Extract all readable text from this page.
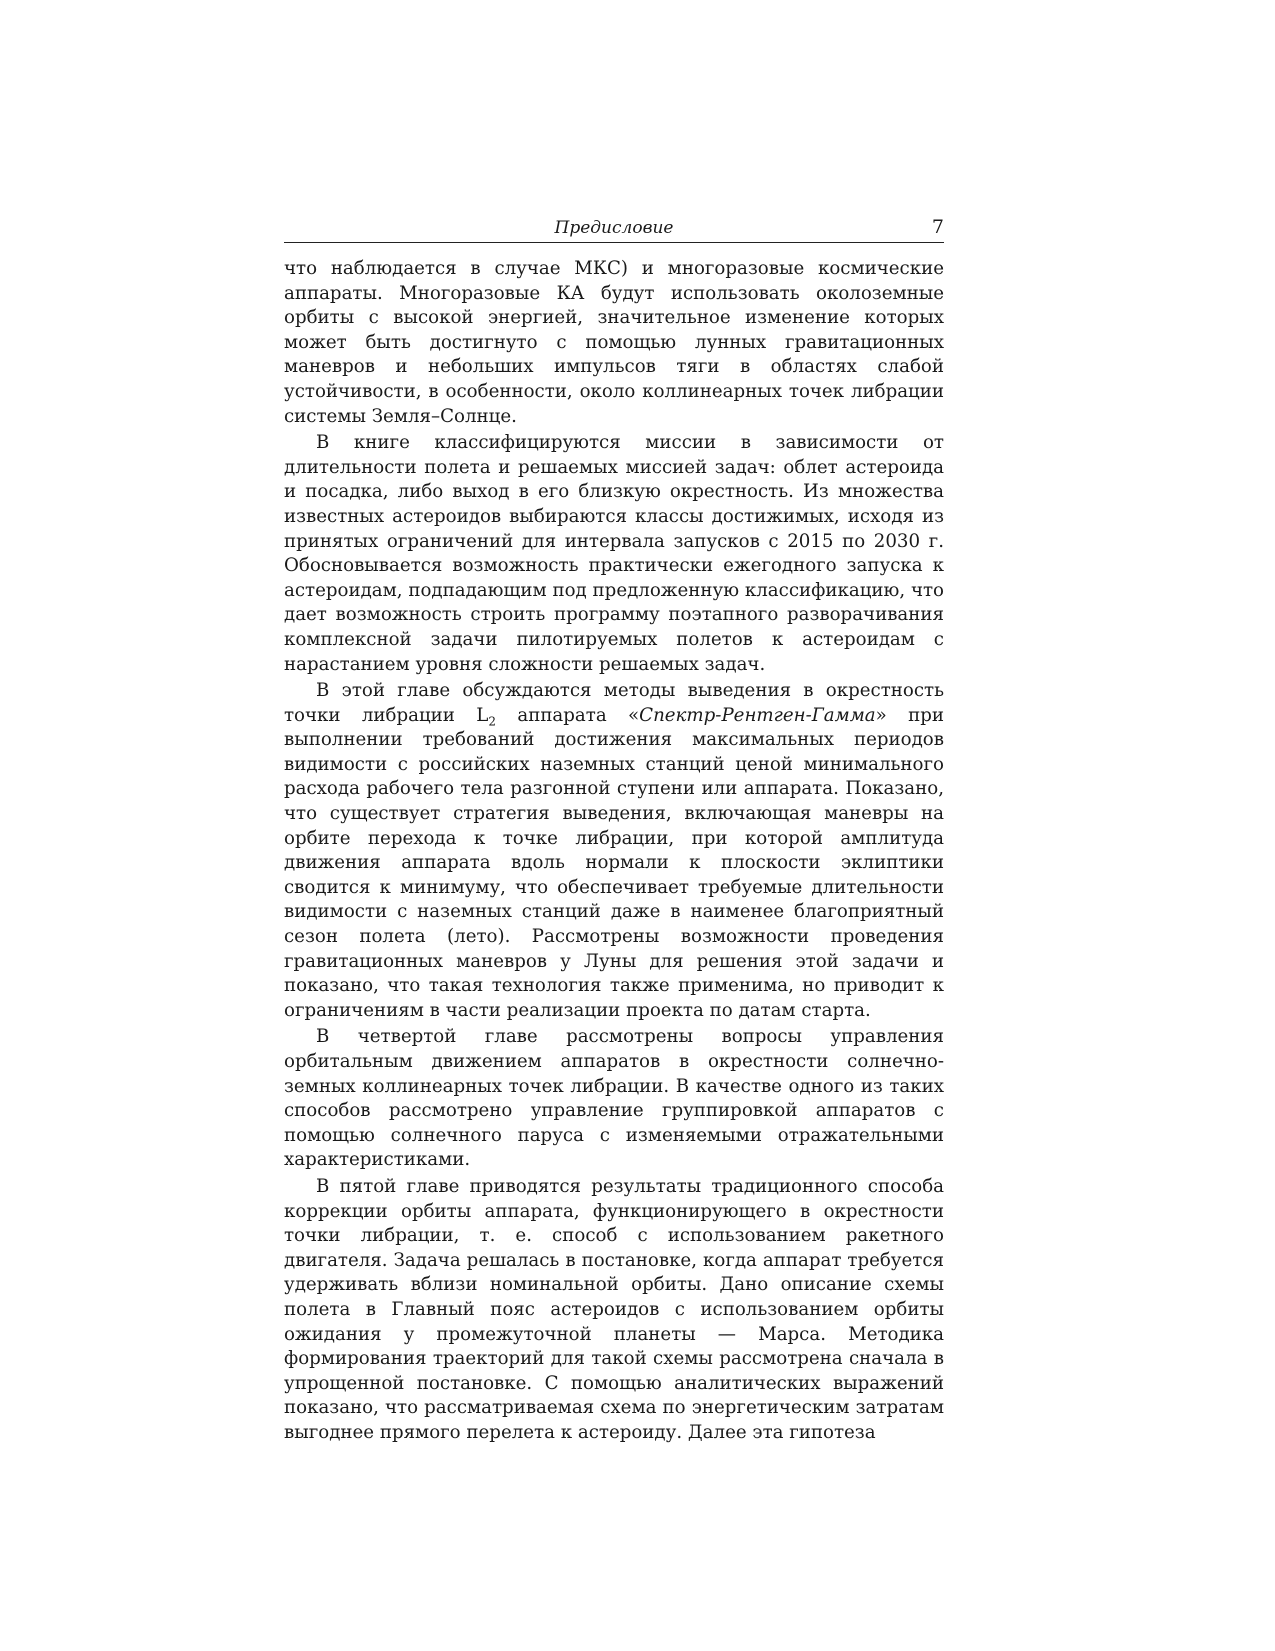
Предисловие	7

что наблюдается в случае МКС) и многоразовые космические аппараты. Многоразовые КА будут использовать околоземные орбиты с высокой энергией, значительное изменение которых может быть достигнуто с помощью лунных гравитационных маневров и небольших импульсов тяги в областях слабой устойчивости, в особенности, около коллинеарных точек либрации системы Земля–Солнце.

В книге классифицируются миссии в зависимости от длительности полета и решаемых миссией задач: облет астероида и посадка, либо выход в его близкую окрестность. Из множества известных астероидов выбираются классы достижимых, исходя из принятых ограничений для интервала запусков с 2015 по 2030 г. Обосновывается возможность практически ежегодного запуска к астероидам, подпадающим под предложенную классификацию, что дает возможность строить программу поэтапного разворачивания комплексной задачи пилотируемых полетов к астероидам с нарастанием уровня сложности решаемых задач.

В этой главе обсуждаются методы выведения в окрестность точки либрации $L_2$ аппарата «Спектр-Рентген-Гамма» при выполнении требований достижения максимальных периодов видимости с российских наземных станций ценой минимального расхода рабочего тела разгонной ступени или аппарата. Показано, что существует стратегия выведения, включающая маневры на орбите перехода к точке либрации, при которой амплитуда движения аппарата вдоль нормали к плоскости эклиптики сводится к минимуму, что обеспечивает требуемые длительности видимости с наземных станций даже в наименее благоприятный сезон полета (лето). Рассмотрены возможности проведения гравитационных маневров у Луны для решения этой задачи и показано, что такая технология также применима, но приводит к ограничениям в части реализации проекта по датам старта.

В четвертой главе рассмотрены вопросы управления орбитальным движением аппаратов в окрестности солнечно-земных коллинеарных точек либрации. В качестве одного из таких способов рассмотрено управление группировкой аппаратов с помощью солнечного паруса с изменяемыми отражательными характеристиками.

В пятой главе приводятся результаты традиционного способа коррекции орбиты аппарата, функционирующего в окрестности точки либрации, т. е. способ с использованием ракетного двигателя. Задача решалась в постановке, когда аппарат требуется удерживать вблизи номинальной орбиты. Дано описание схемы полета в Главный пояс астероидов с использованием орбиты ожидания у промежуточной планеты — Марса. Методика формирования траекторий для такой схемы рассмотрена сначала в упрощенной постановке. С помощью аналитических выражений показано, что рассматриваемая схема по энергетическим затратам выгоднее прямого перелета к астероиду. Далее эта гипотеза
